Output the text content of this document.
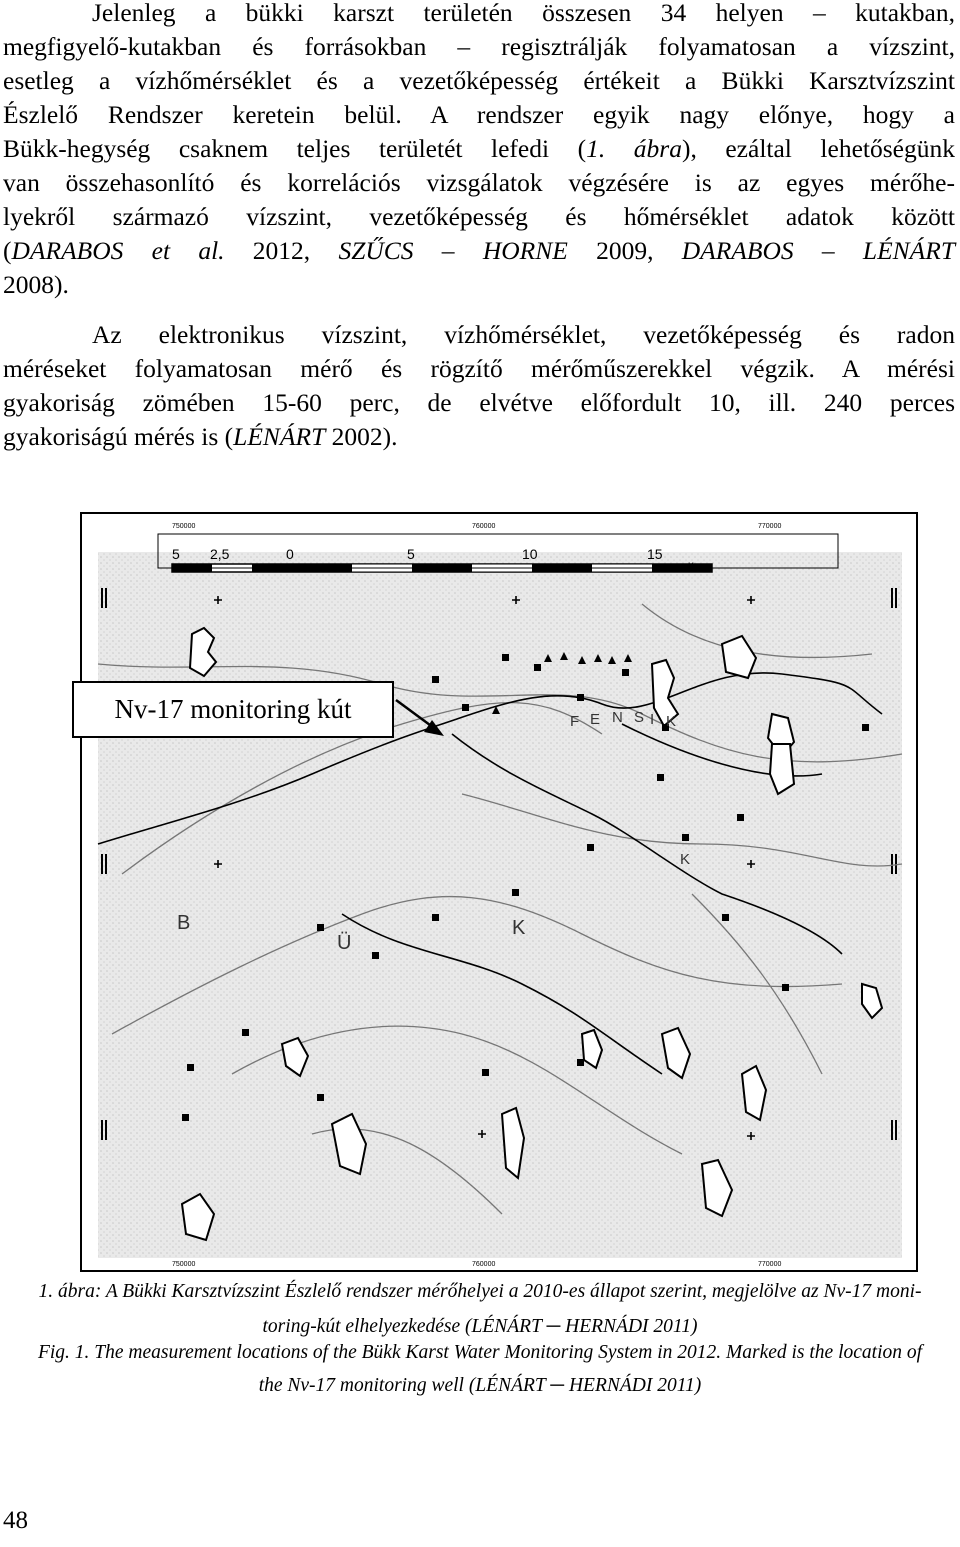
Jelenleg a bükki karszt területén összesen 34 helyen – kutakban,
megfigyelő-kutakban és forrásokban – regisztrálják folyamatosan a vízszint,
esetleg a vízhőmérséklet és a vezetőképesség értékeit a Bükki Karsztvízszint
Észlelő Rendszer keretein belül. A rendszer egyik nagy előnye, hogy a
Bükk-hegység csaknem teljes területét lefedi (1. ábra), ezáltal lehetőségünk
van összehasonlító és korrelációs vizsgálatok végzésére is az egyes mérőhe-
lyekről származó vízszint, vezetőképesség és hőmérséklet adatok között
(DARABOS et al. 2012, SZŰCS – HORNE 2009, DARABOS – LÉNÁRT
2008).
Az elektronikus vízszint, vízhőmérséklet, vezetőképesség és radon
méréseket folyamatosan mérő és rögzítő mérőműszerekkel végzik. A mérési
gyakoriság zömében 15-60 perc, de elvétve előfordult 10, ill. 240 perces
gyakoriságú mérés is (LÉNÁRT 2002).
5 2,5	0	5	10	15
Km
750000	760000	770000
750000	760000	770000
F E N S I K
K
B
Ü
K
Nv-17 monitoring kút
1. ábra: A Bükki Karsztvízszint Észlelő rendszer mérőhelyei a 2010-es állapot szerint, megjelölve az Nv-17 moni-
toring-kút elhelyezkedése (LÉNÁRT ─ HERNÁDI 2011)
Fig. 1. The measurement locations of the Bükk Karst Water Monitoring System in 2012. Marked is the location of
the Nv-17 monitoring well (LÉNÁRT ─ HERNÁDI 2011)
48
